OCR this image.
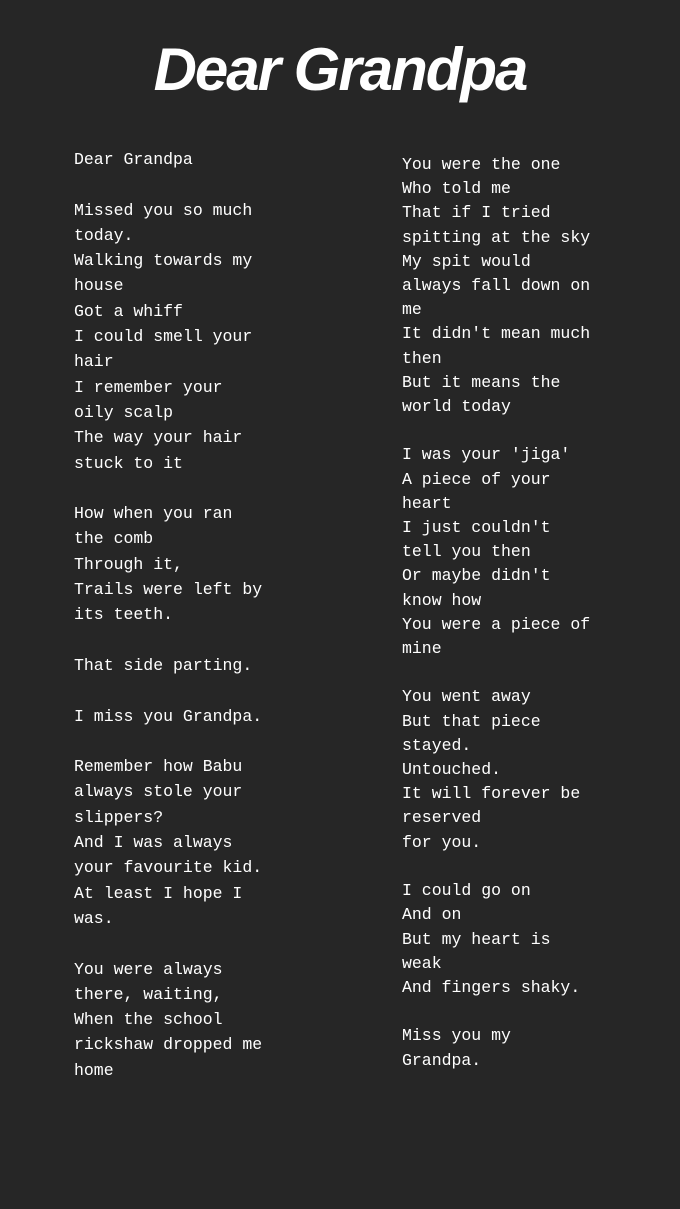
Dear Grandpa
Dear Grandpa

Missed you so much
today.
Walking towards my
house
Got a whiff
I could smell your
hair
I remember your
oily scalp
The way your hair
stuck to it

How when you ran
the comb
Through it,
Trails were left by
its teeth.

That side parting.

I miss you Grandpa.

Remember how Babu
always stole your
slippers?
And I was always
your favourite kid.
At least I hope I
was.

You were always
there, waiting,
When the school
rickshaw dropped me
home
You were the one
Who told me
That if I tried
spitting at the sky
My spit would
always fall down on
me
It didn't mean much
then
But it means the
world today

I was your 'jiga'
A piece of your
heart
I just couldn't
tell you then
Or maybe didn't
know how
You were a piece of
mine

You went away
But that piece
stayed.
Untouched.
It will forever be
reserved
for you.

I could go on
And on
But my heart is
weak
And fingers shaky.

Miss you my
Grandpa.
